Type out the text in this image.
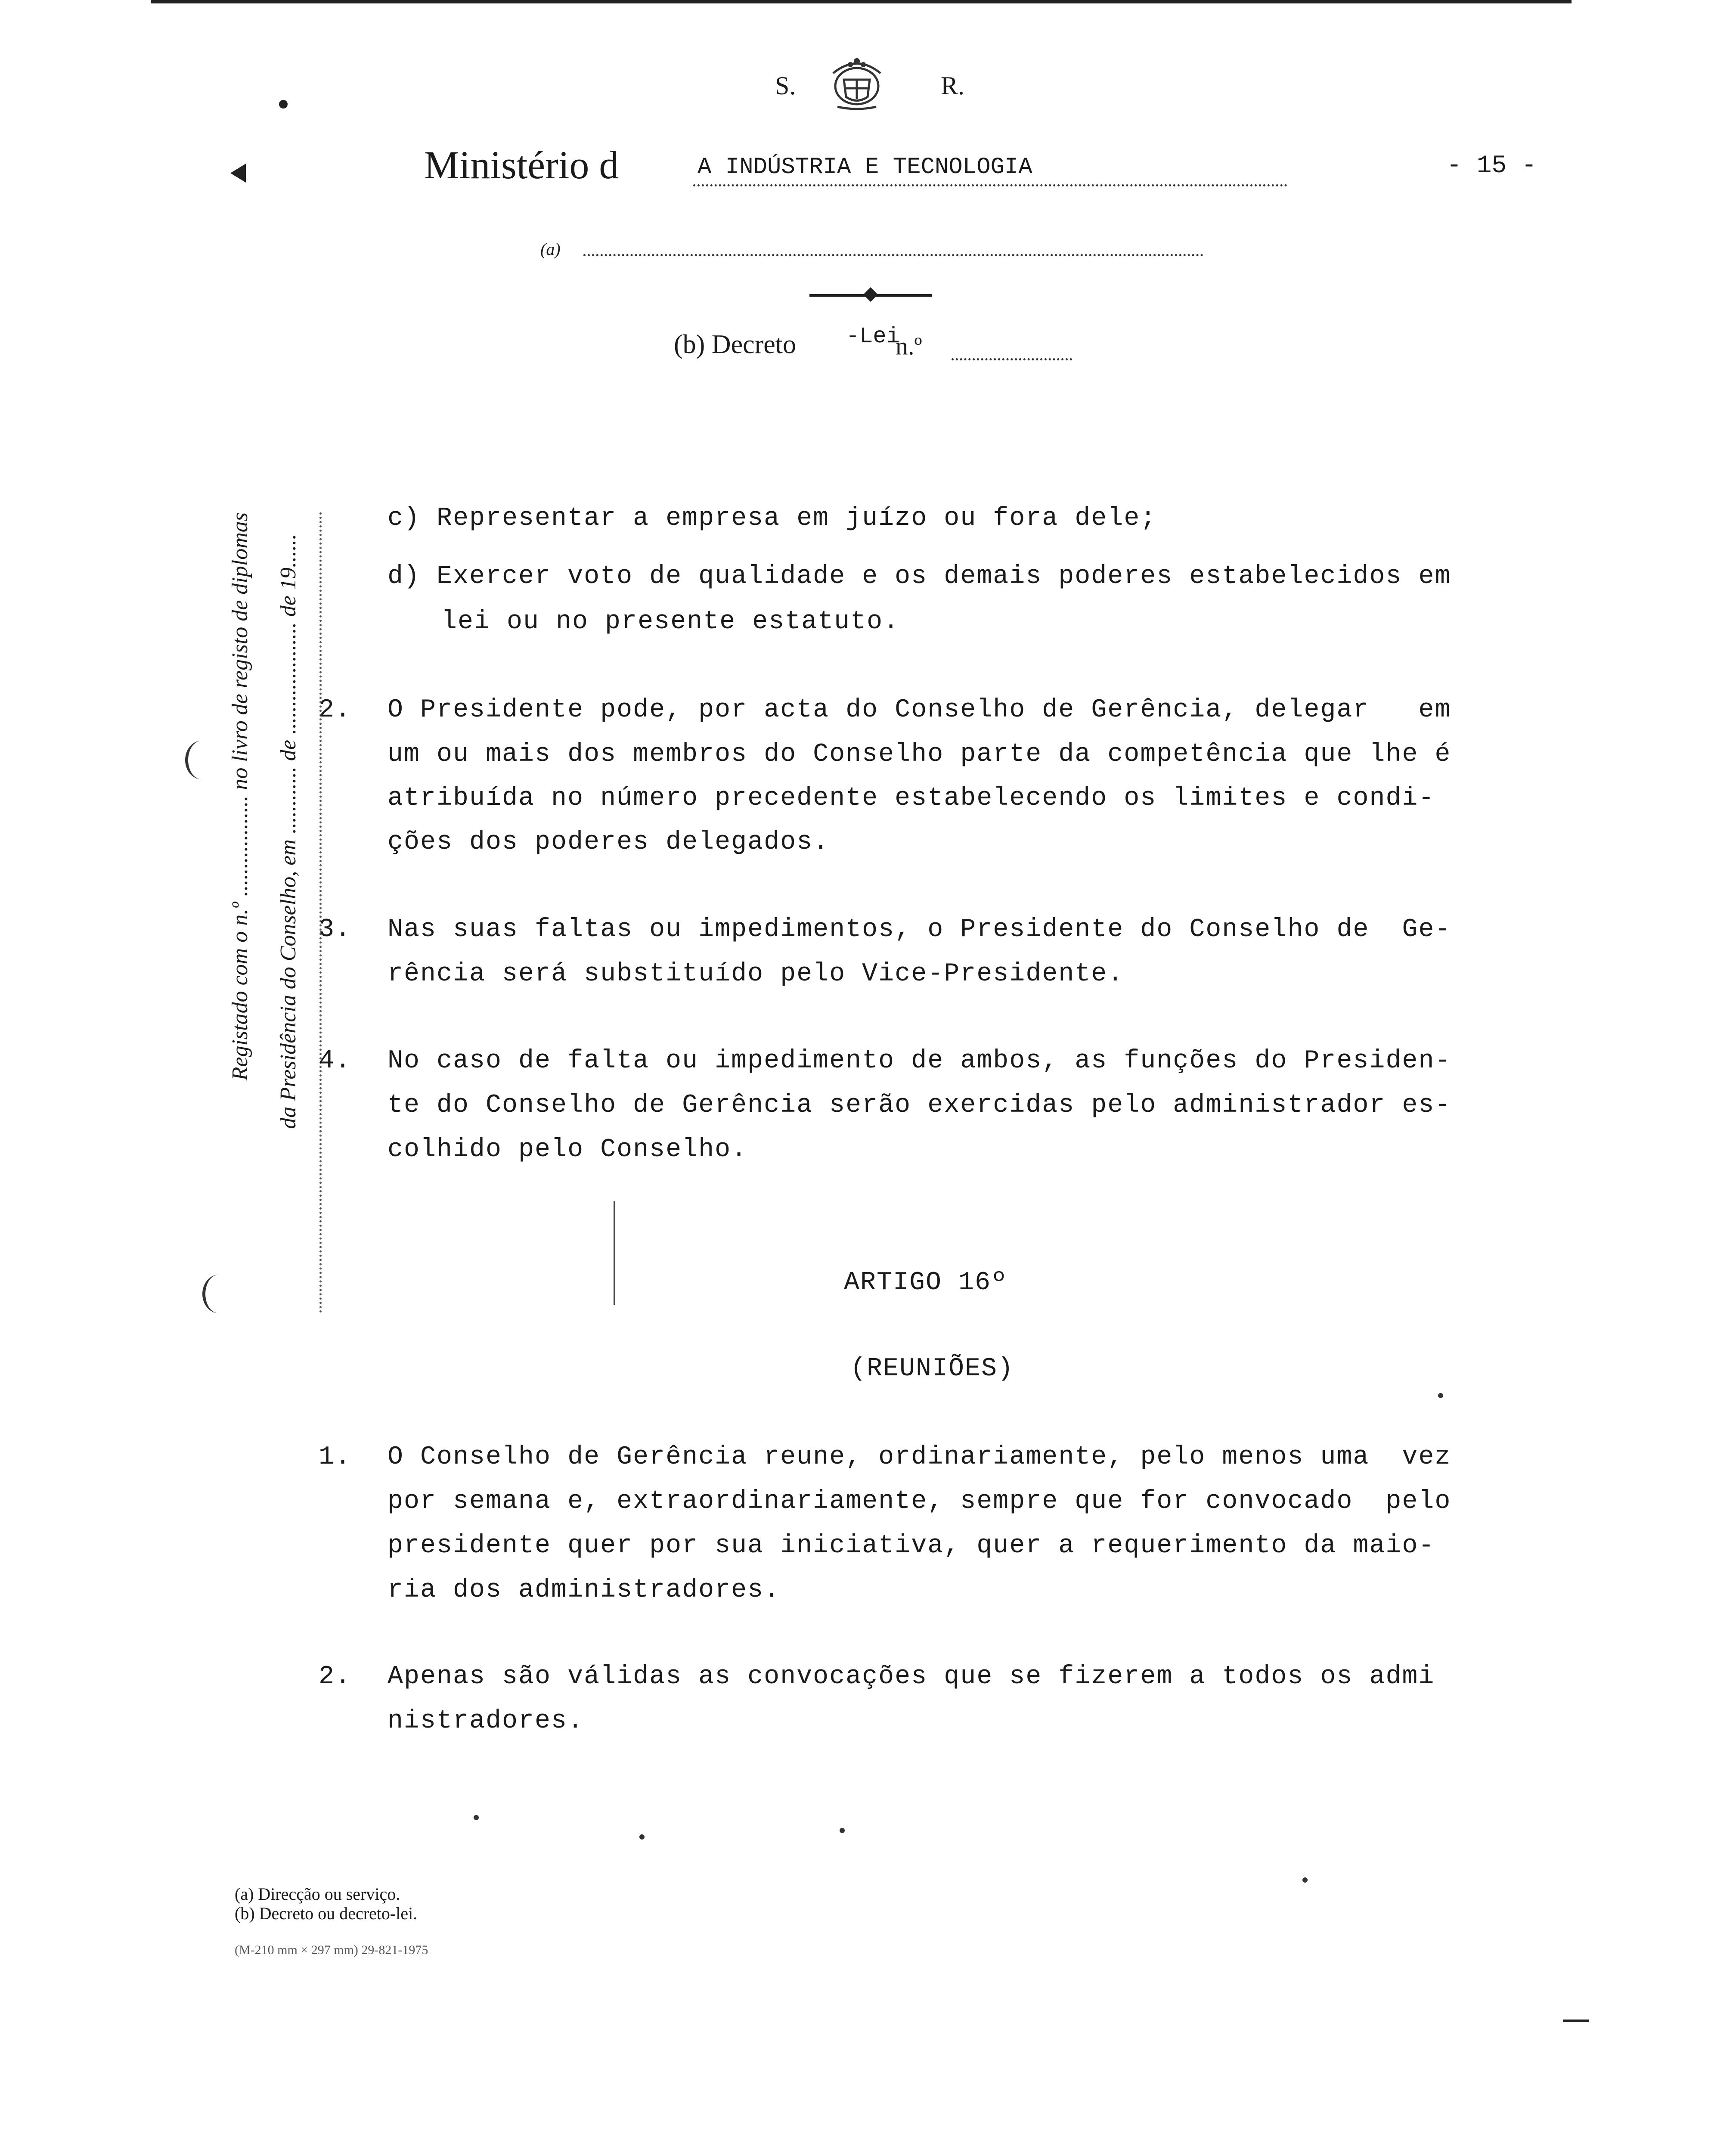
S.	R.
Ministério d	A INDÚSTRIA E TECNOLOGIA	- 15 -
(a)
(b) Decreto -Lei
n.º
Registado com o n.º .................. no livro de registo de diplomas da Presidência do Conselho, em ............ de .................... de 19......
c) Representar a empresa em juízo ou fora dele;
d) Exercer voto de qualidade e os demais poderes estabelecidos em
lei ou no presente estatuto.
2. O Presidente pode, por acta do Conselho de Gerência, delegar   em
um ou mais dos membros do Conselho parte da competência que lhe é
atribuída no número precedente estabelecendo os limites e condi-
ções dos poderes delegados.
3. Nas suas faltas ou impedimentos, o Presidente do Conselho de  Ge-
rência será substituído pelo Vice-Presidente.
4. No caso de falta ou impedimento de ambos, as funções do Presiden-
te do Conselho de Gerência serão exercidas pelo administrador es-
colhido pelo Conselho.
ARTIGO 16º
(REUNIÕES)
1. O Conselho de Gerência reune, ordinariamente, pelo menos uma  vez
por semana e, extraordinariamente, sempre que for convocado  pelo
presidente quer por sua iniciativa, quer a requerimento da maio-
ria dos administradores.
2. Apenas são válidas as convocações que se fizerem a todos os admi
nistradores.
(a) Direcção ou serviço.
(b) Decreto ou decreto-lei.
(M-210 mm × 297 mm) 29-821-1975
